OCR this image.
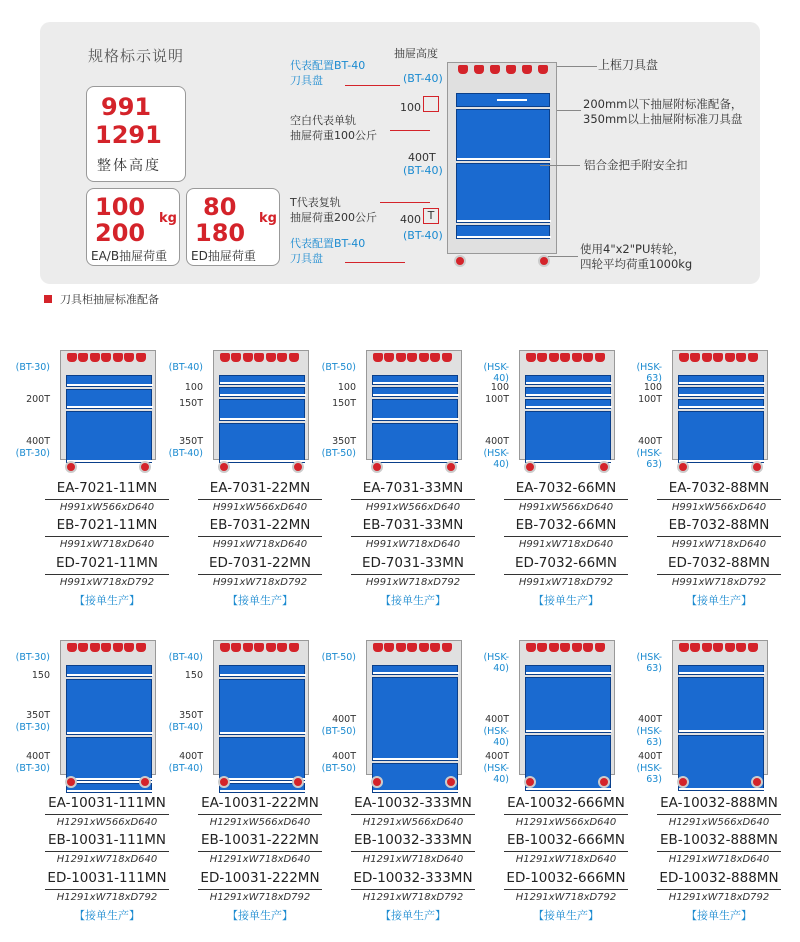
规格标示说明
991
1291
整体高度
100
200
kg
EA/B抽屉荷重
80
180
kg
ED抽屉荷重
代表配置BT-40
刀具盘
空白代表单轨
抽屉荷重100公斤
T代表复轨
抽屉荷重200公斤
代表配置BT-40
刀具盘
抽屉高度
(BT-40)
100
400T
(BT-40)
400 T
(BT-40)
上框刀具盘
200mm以下抽屉附标准配备，
350mm以上抽屉附标准刀具盘
铝合金把手附安全扣
使用4"x2"PU转轮，
四轮平均荷重1000kg
刀具柜抽屉标准配备
(BT-30)
200T
400T
(BT-30)
EA-7021-11MN
H991xW566xD640
EB-7021-11MN
H991xW718xD640
ED-7021-11MN
H991xW718xD792
【接单生产】
(BT-40)
100
150T
350T
(BT-40)
EA-7031-22MN
H991xW566xD640
EB-7031-22MN
H991xW718xD640
ED-7031-22MN
H991xW718xD792
【接单生产】
(BT-50)
100
150T
350T
(BT-50)
EA-7031-33MN
H991xW566xD640
EB-7031-33MN
H991xW718xD640
ED-7031-33MN
H991xW718xD792
【接单生产】
(HSK-40)
100
100T
400T
(HSK-40)
EA-7032-66MN
H991xW566xD640
EB-7032-66MN
H991xW718xD640
ED-7032-66MN
H991xW718xD792
【接单生产】
(HSK-63)
100
100T
400T
(HSK-63)
EA-7032-88MN
H991xW566xD640
EB-7032-88MN
H991xW718xD640
ED-7032-88MN
H991xW718xD792
【接单生产】
(BT-30)
150
350T
(BT-30)
400T
(BT-30)
EA-10031-111MN
H1291xW566xD640
EB-10031-111MN
H1291xW718xD640
ED-10031-111MN
H1291xW718xD792
【接单生产】
(BT-40)
150
350T
(BT-40)
400T
(BT-40)
EA-10031-222MN
H1291xW566xD640
EB-10031-222MN
H1291xW718xD640
ED-10031-222MN
H1291xW718xD792
【接单生产】
(BT-50)
400T
(BT-50)
400T
(BT-50)
EA-10032-333MN
H1291xW566xD640
EB-10032-333MN
H1291xW718xD640
ED-10032-333MN
H1291xW718xD792
【接单生产】
(HSK-40)
400T
(HSK-40)
400T
(HSK-40)
EA-10032-666MN
H1291xW566xD640
EB-10032-666MN
H1291xW718xD640
ED-10032-666MN
H1291xW718xD792
【接单生产】
(HSK-63)
400T
(HSK-63)
400T
(HSK-63)
EA-10032-888MN
H1291xW566xD640
EB-10032-888MN
H1291xW718xD640
ED-10032-888MN
H1291xW718xD792
【接单生产】
